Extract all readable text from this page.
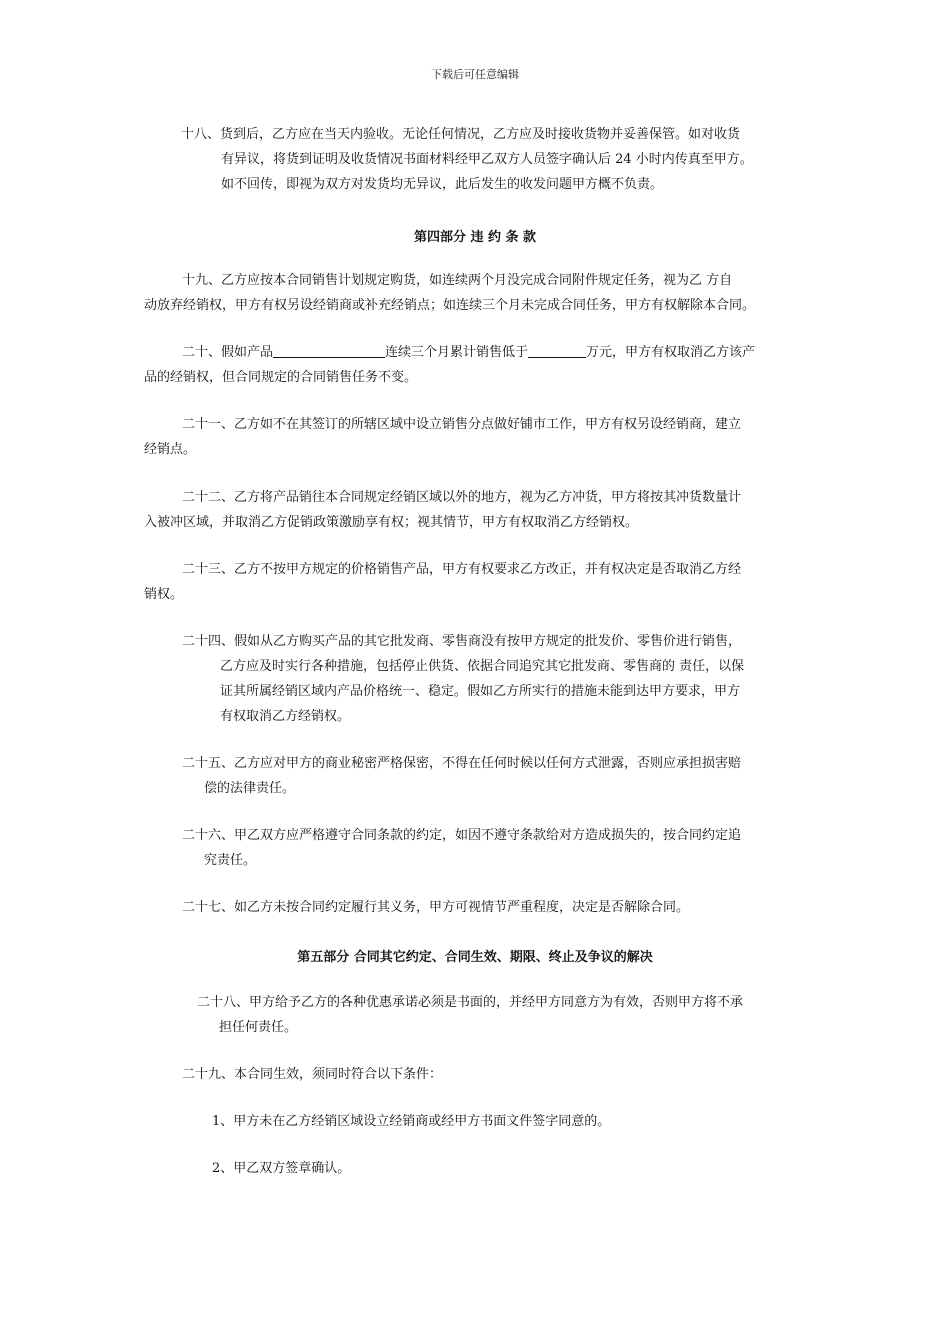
下载后可任意编辑
十八、货到后，乙方应在当天内验收。无论任何情况，乙方应及时接收货物并妥善保管。如对收货
有异议，将货到证明及收货情况书面材料经甲乙双方人员签字确认后 24 小时内传真至甲方。
如不回传，即视为双方对发货均无异议，此后发生的收发问题甲方概不负责。
第四部分 违 约 条 款
十九、乙方应按本合同销售计划规定购货，如连续两个月没完成合同附件规定任务，视为乙 方自
动放弃经销权，甲方有权另设经销商或补充经销点；如连续三个月未完成合同任务，甲方有权解除本合同。
二十、假如产品	连续三个月累计销售低于	万元，甲方有权取消乙方该产
品的经销权，但合同规定的合同销售任务不变。
二十一、乙方如不在其签订的所辖区域中设立销售分点做好铺市工作，甲方有权另设经销商，建立
经销点。
二十二、乙方将产品销往本合同规定经销区域以外的地方，视为乙方冲货，甲方将按其冲货数量计
入被冲区域，并取消乙方促销政策激励享有权；视其情节，甲方有权取消乙方经销权。
二十三、乙方不按甲方规定的价格销售产品，甲方有权要求乙方改正，并有权决定是否取消乙方经
销权。
二十四、假如从乙方购买产品的其它批发商、零售商没有按甲方规定的批发价、零售价进行销售，
乙方应及时实行各种措施，包括停止供货、依据合同追究其它批发商、零售商的 责任，以保
证其所属经销区域内产品价格统一、稳定。假如乙方所实行的措施未能到达甲方要求，甲方
有权取消乙方经销权。
二十五、乙方应对甲方的商业秘密严格保密，不得在任何时候以任何方式泄露，否则应承担损害赔
偿的法律责任。
二十六、甲乙双方应严格遵守合同条款的约定，如因不遵守条款给对方造成损失的，按合同约定追
究责任。
二十七、如乙方未按合同约定履行其义务，甲方可视情节严重程度，决定是否解除合同。
第五部分 合同其它约定、合同生效、期限、终止及争议的解决
二十八、甲方给予乙方的各种优惠承诺必须是书面的，并经甲方同意方为有效，否则甲方将不承
担任何责任。
二十九、本合同生效，须同时符合以下条件：
1、甲方未在乙方经销区域设立经销商或经甲方书面文件签字同意的。
2、甲乙双方签章确认。
